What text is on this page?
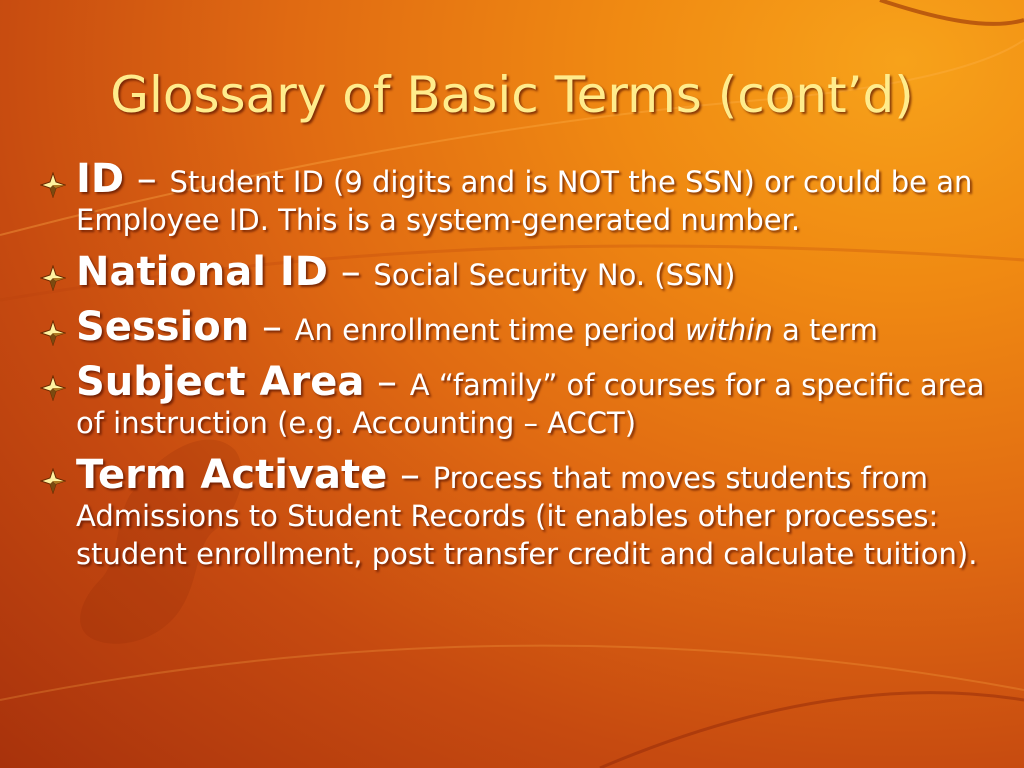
Glossary of Basic Terms (cont’d)
ID – Student ID (9 digits and is NOT the SSN) or could be an Employee ID. This is a system-generated number.
National ID – Social Security No. (SSN)
Session – An enrollment time period within a term
Subject Area – A “family” of courses for a specific area of instruction (e.g. Accounting – ACCT)
Term Activate – Process that moves students from Admissions to Student Records (it enables other processes: student enrollment, post transfer credit and calculate tuition).
